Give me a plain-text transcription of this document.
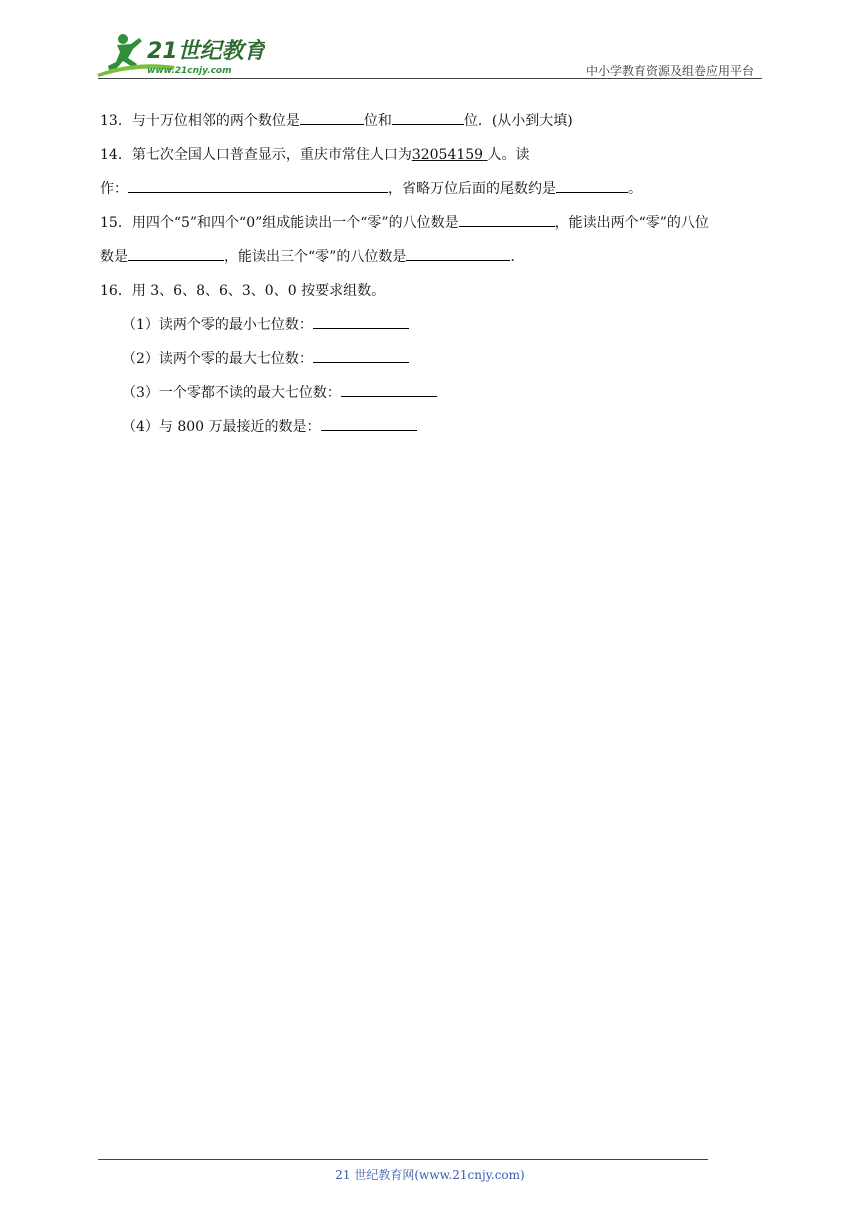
21世纪教育
www.21cnjy.com	中小学教育资源及组卷应用平台
13．与十万位相邻的两个数位是	位和	位．(从小到大填)
14．第七次全国人口普查显示，重庆市常住人口为32054159 人。读
作：	，省略万位后面的尾数约是	。
15．用四个“5”和四个“0”组成能读出一个“零”的八位数是	，能读出两个“零”的八位
数是	，能读出三个“零”的八位数是	.
16．用 3、6、8、6、3、0、0 按要求组数。
（1）读两个零的最小七位数：
（2）读两个零的最大七位数：
（3）一个零都不读的最大七位数：
（4）与 800 万最接近的数是：
21 世纪教育网(www.21cnjy.com)
